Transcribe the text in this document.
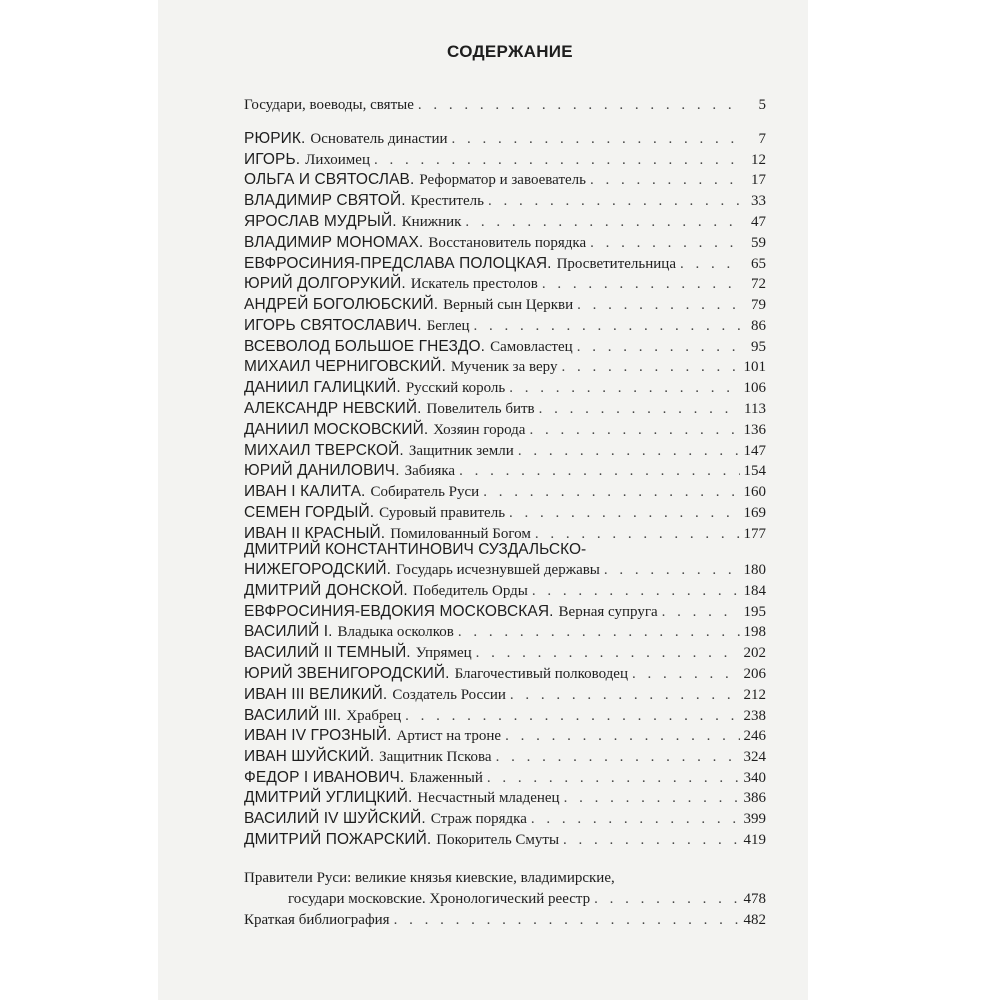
СОДЕРЖАНИЕ
Государи, воеводы, святые . . .	5
РЮРИК. Основатель династии . . .	7
ИГОРЬ. Лихоимец . . .	12
ОЛЬГА И СВЯТОСЛАВ. Реформатор и завоеватель . . .	17
ВЛАДИМИР СВЯТОЙ. Креститель . . .	33
ЯРОСЛАВ МУДРЫЙ. Книжник . . .	47
ВЛАДИМИР МОНОМАХ. Восстановитель порядка . . .	59
ЕВФРОСИНИЯ-ПРЕДСЛАВА ПОЛОЦКАЯ. Просветительница . . .	65
ЮРИЙ ДОЛГОРУКИЙ. Искатель престолов . . .	72
АНДРЕЙ БОГОЛЮБСКИЙ. Верный сын Церкви . . .	79
ИГОРЬ СВЯТОСЛАВИЧ. Беглец . . .	86
ВСЕВОЛОД БОЛЬШОЕ ГНЕЗДО. Самовластец . . .	95
МИХАИЛ ЧЕРНИГОВСКИЙ. Мученик за веру . . .	101
ДАНИИЛ ГАЛИЦКИЙ. Русский король . . .	106
АЛЕКСАНДР НЕВСКИЙ. Повелитель битв . . .	113
ДАНИИЛ МОСКОВСКИЙ. Хозяин города . . .	136
МИХАИЛ ТВЕРСКОЙ. Защитник земли . . .	147
ЮРИЙ ДАНИЛОВИЧ. Забияка . . .	154
ИВАН I КАЛИТА. Собиратель Руси . . .	160
СЕМЕН ГОРДЫЙ. Суровый правитель . . .	169
ИВАН II КРАСНЫЙ. Помилованный Богом . . .	177
ДМИТРИЙ КОНСТАНТИНОВИЧ СУЗДАЛЬСКО-
НИЖЕГОРОДСКИЙ. Государь исчезнувшей державы . . .	180
ДМИТРИЙ ДОНСКОЙ. Победитель Орды . . .	184
ЕВФРОСИНИЯ-ЕВДОКИЯ МОСКОВСКАЯ. Верная супруга . . .	195
ВАСИЛИЙ I. Владыка осколков . . .	198
ВАСИЛИЙ II ТЕМНЫЙ. Упрямец . . .	202
ЮРИЙ ЗВЕНИГОРОДСКИЙ. Благочестивый полководец . . .	206
ИВАН III ВЕЛИКИЙ. Создатель России . . .	212
ВАСИЛИЙ III. Храбрец . . .	238
ИВАН IV ГРОЗНЫЙ. Артист на троне . . .	246
ИВАН ШУЙСКИЙ. Защитник Пскова . . .	324
ФЕДОР I ИВАНОВИЧ. Блаженный . . .	340
ДМИТРИЙ УГЛИЦКИЙ. Несчастный младенец . . .	386
ВАСИЛИЙ IV ШУЙСКИЙ. Страж порядка . . .	399
ДМИТРИЙ ПОЖАРСКИЙ. Покоритель Смуты . . .	419
Правители Руси: великие князья киевские, владимирские,
государи московские. Хронологический реестр . . .	478
Краткая библиография . . .	482
